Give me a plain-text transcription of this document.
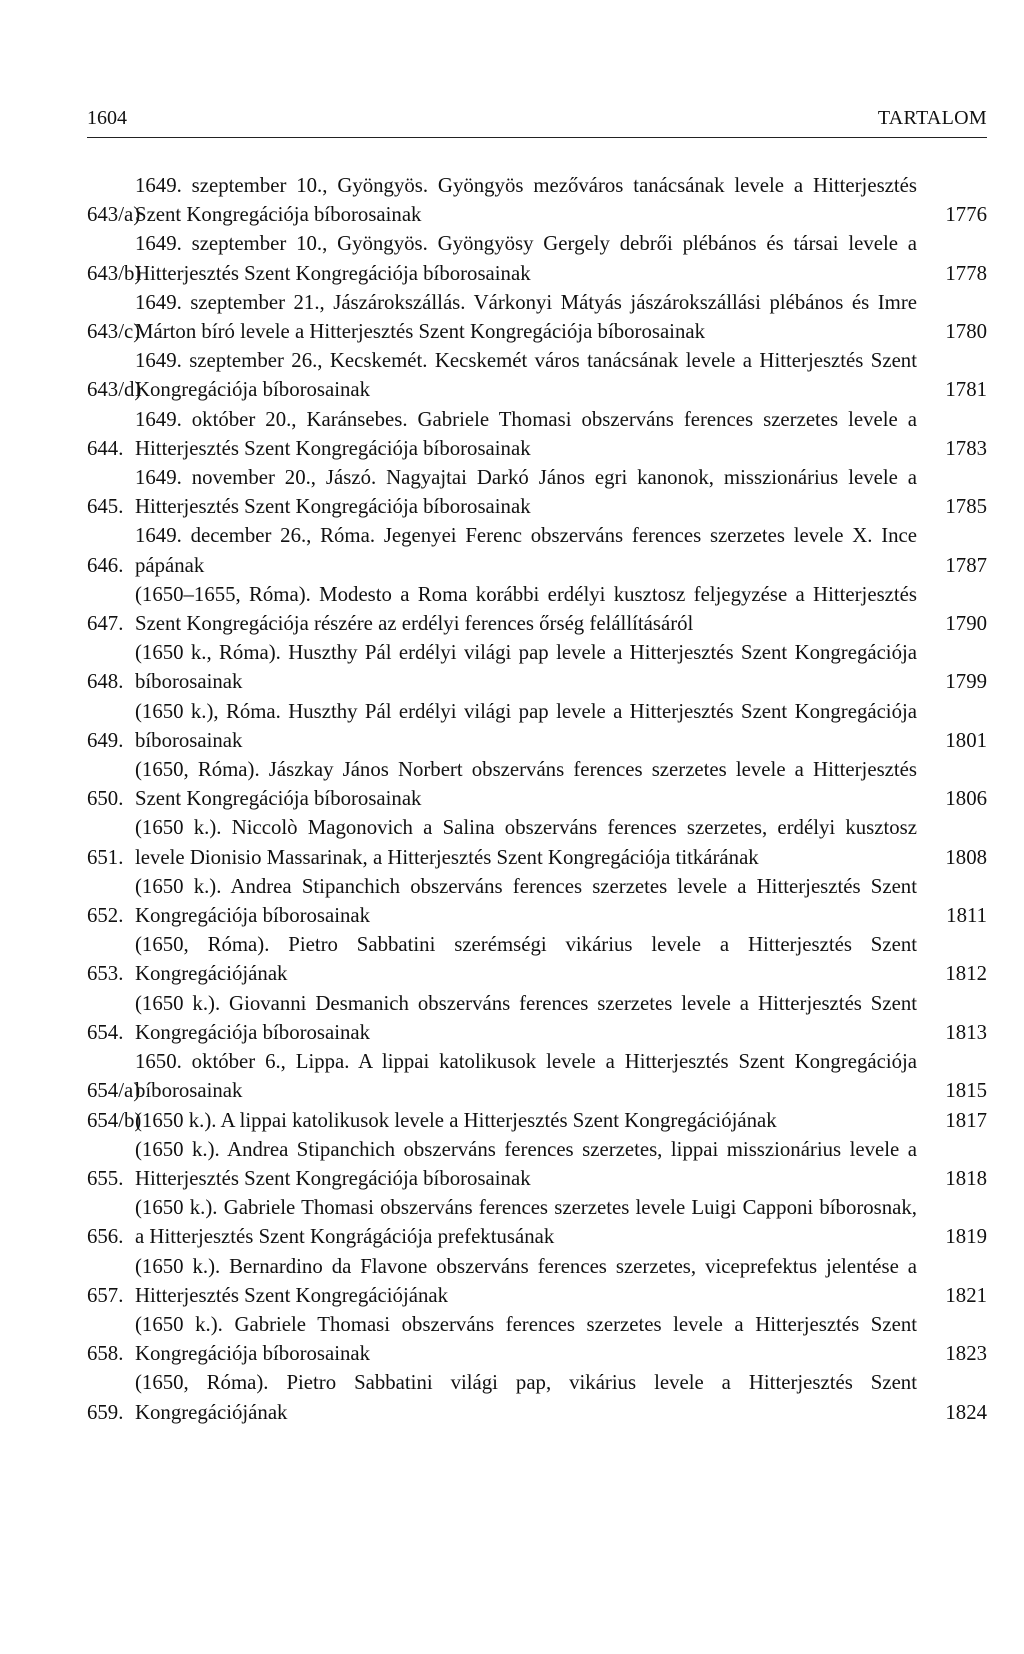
1604	TARTALOM
643/a)
1649. szeptember 10., Gyöngyös. Gyöngyös mezőváros tanácsának levele a Hitterjesztés Szent Kongregációja bíborosainak	1776
643/b)
1649. szeptember 10., Gyöngyös. Gyöngyösy Gergely debrői plébános és társai levele a Hitterjesztés Szent Kongregációja bíborosainak	1778
643/c)
1649. szeptember 21., Jászárokszállás. Várkonyi Mátyás jászárokszállási plébános és Imre Márton bíró levele a Hitterjesztés Szent Kongregációja bíborosainak	1780
643/d)
1649. szeptember 26., Kecskemét. Kecskemét város tanácsának levele a Hitterjesztés Szent Kongregációja bíborosainak	1781
644.
1649. október 20., Karánsebes. Gabriele Thomasi obszerváns ferences szerzetes levele a Hitterjesztés Szent Kongregációja bíborosainak	1783
645.
1649. november 20., Jászó. Nagyajtai Darkó János egri kanonok, misszionárius levele a Hitterjesztés Szent Kongregációja bíborosainak	1785
646.
1649. december 26., Róma. Jegenyei Ferenc obszerváns ferences szerzetes levele X. Ince pápának	1787
647.
(1650–1655, Róma). Modesto a Roma korábbi erdélyi kusztosz feljegyzése a Hitterjesztés Szent Kongregációja részére az erdélyi ferences őrség felállításáról	1790
648.
(1650 k., Róma). Huszthy Pál erdélyi világi pap levele a Hitterjesztés Szent Kongregációja bíborosainak	1799
649.
(1650 k.), Róma. Huszthy Pál erdélyi világi pap levele a Hitterjesztés Szent Kongregációja bíborosainak	1801
650.
(1650, Róma). Jászkay János Norbert obszerváns ferences szerzetes levele a Hitterjesztés Szent Kongregációja bíborosainak	1806
651.
(1650 k.). Niccolò Magonovich a Salina obszerváns ferences szerzetes, erdélyi kusztosz levele Dionisio Massarinak, a Hitterjesztés Szent Kongregációja titkárának	1808
652.
(1650 k.). Andrea Stipanchich obszerváns ferences szerzetes levele a Hitterjesztés Szent Kongregációja bíborosainak	1811
653.
(1650, Róma). Pietro Sabbatini szerémségi vikárius levele a Hitterjesztés Szent Kongregációjának	1812
654.
(1650 k.). Giovanni Desmanich obszerváns ferences szerzetes levele a Hitterjesztés Szent Kongregációja bíborosainak	1813
654/a)
1650. október 6., Lippa. A lippai katolikusok levele a Hitterjesztés Szent Kongregációja bíborosainak	1815
654/b)
(1650 k.). A lippai katolikusok levele a Hitterjesztés Szent Kongregációjának	1817
655.
(1650 k.). Andrea Stipanchich obszerváns ferences szerzetes, lippai misszionárius levele a Hitterjesztés Szent Kongregációja bíborosainak	1818
656.
(1650 k.). Gabriele Thomasi obszerváns ferences szerzetes levele Luigi Capponi bíborosnak, a Hitterjesztés Szent Kongrágációja prefektusának	1819
657.
(1650 k.). Bernardino da Flavone obszerváns ferences szerzetes, viceprefektus jelentése a Hitterjesztés Szent Kongregációjának	1821
658.
(1650 k.). Gabriele Thomasi obszerváns ferences szerzetes levele a Hitterjesztés Szent Kongregációja bíborosainak	1823
659.
(1650, Róma). Pietro Sabbatini világi pap, vikárius levele a Hitterjesztés Szent Kongregációjának	1824
